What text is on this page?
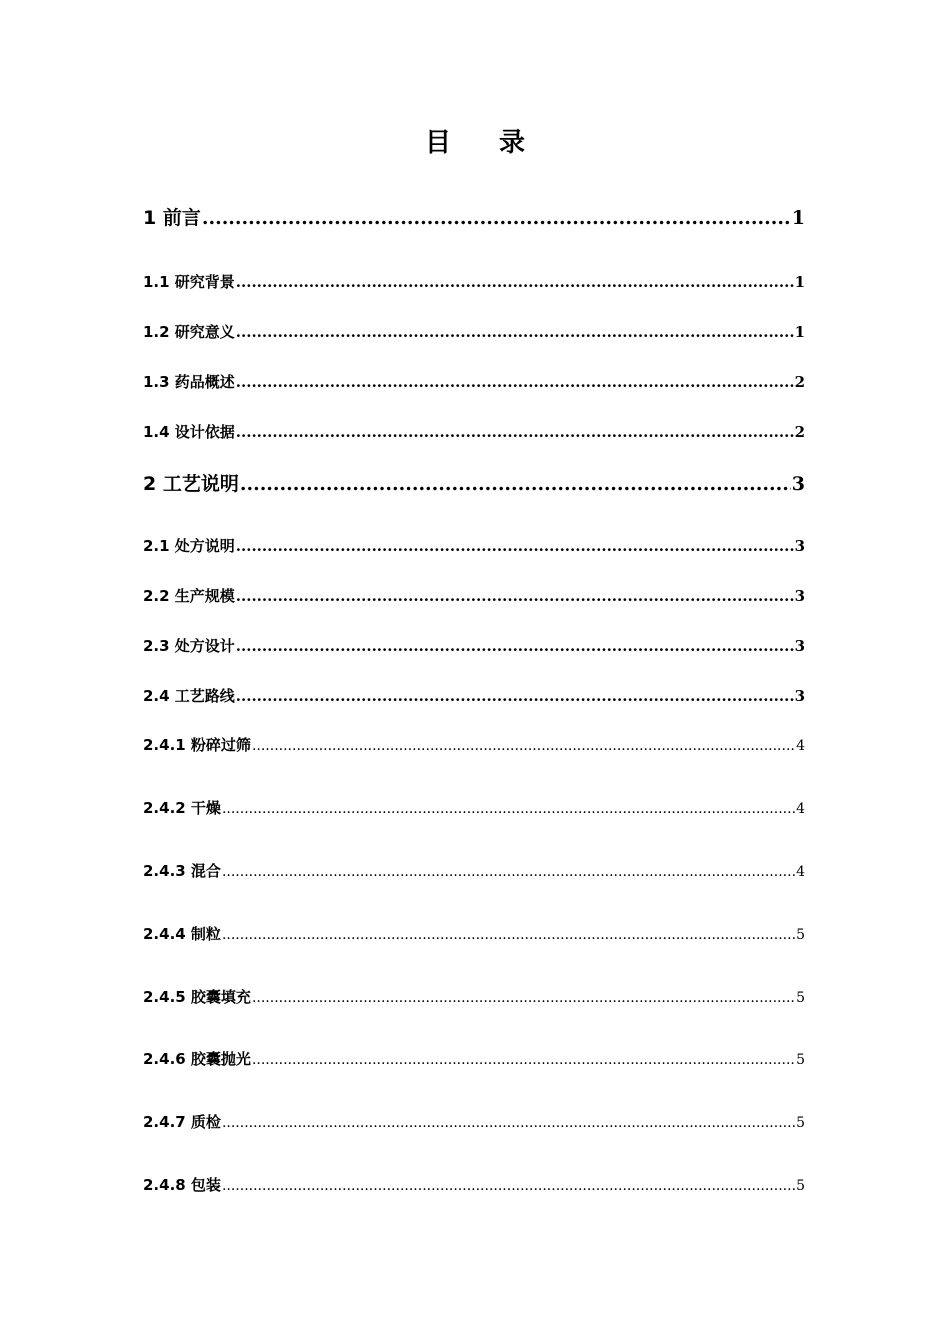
目 录
1 前言 .....	1
1.1 研究背景 .....	1
1.2 研究意义 .....	1
1.3 药品概述 .....	2
1.4 设计依据 .....	2
2 工艺说明 .....	3
2.1 处方说明 .....	3
2.2 生产规模 .....	3
2.3 处方设计 .....	3
2.4 工艺路线 .....	3
2.4.1 粉碎过筛 .....	4
2.4.2 干燥 .....	4
2.4.3 混合 .....	4
2.4.4 制粒 .....	5
2.4.5 胶囊填充 .....	5
2.4.6 胶囊抛光 .....	5
2.4.7 质检 .....	5
2.4.8 包装 .....	5
